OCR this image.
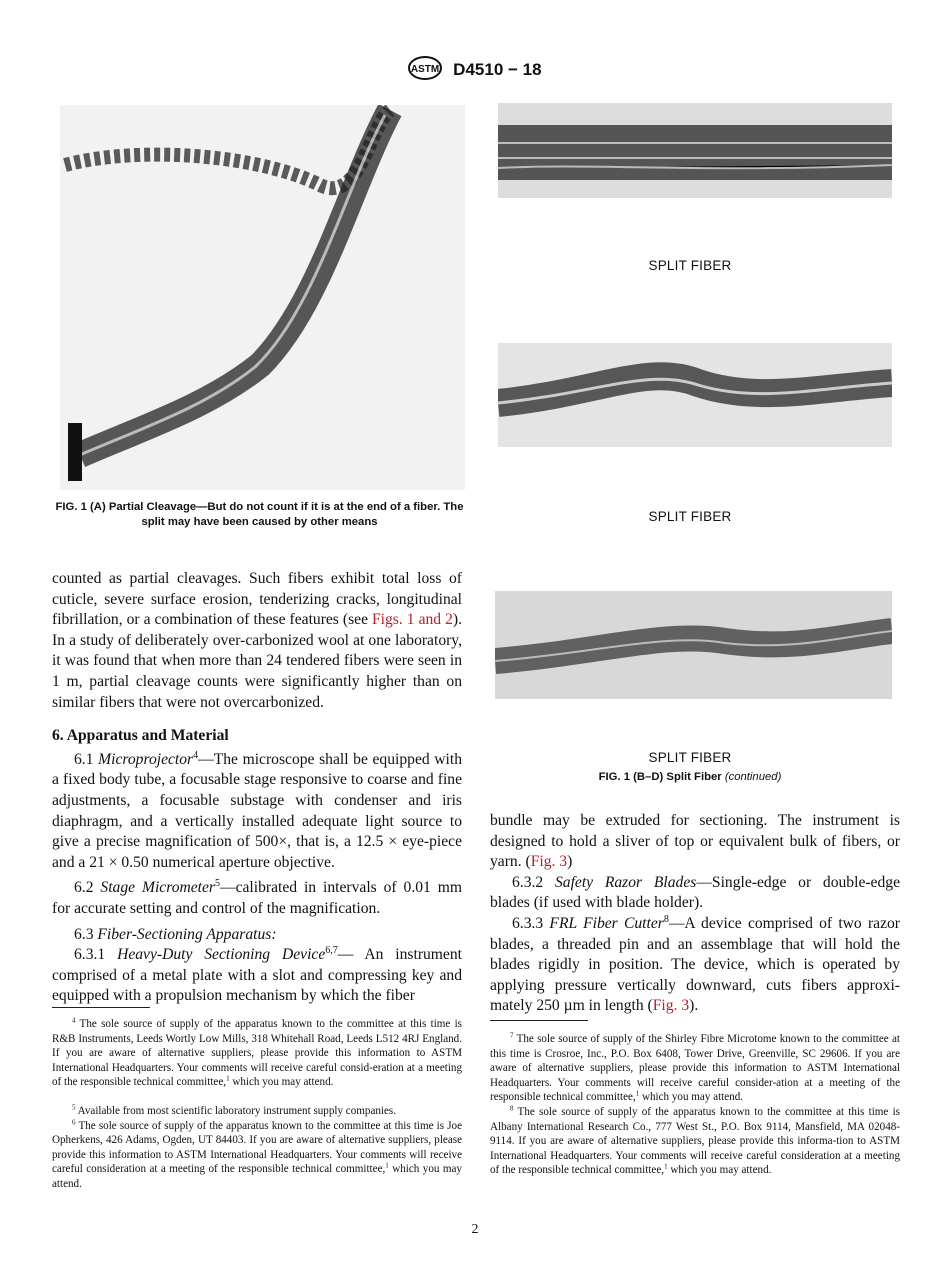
ASTM D4510 − 18
FIG. 1 (A) Partial Cleavage—But do not count if it is at the end of a fiber. The split may have been caused by other means
SPLIT FIBER
SPLIT FIBER
SPLIT FIBER
FIG. 1 (B–D) Split Fiber (continued)

counted as partial cleavages. Such fibers exhibit total loss of cuticle, severe surface erosion, tenderizing cracks, longitudinal fibrillation, or a combination of these features (see Figs. 1 and 2). In a study of deliberately over-carbonized wool at one laboratory, it was found that when more than 24 tendered fibers were seen in 1 m, partial cleavage counts were significantly higher than on similar fibers that were not overcarbonized.

6. Apparatus and Material

6.1 Microprojector$^4$—The microscope shall be equipped with a fixed body tube, a focusable stage responsive to coarse and fine adjustments, a focusable substage with condenser and iris diaphragm, and a vertically installed adequate light source to give a precise magnification of 500×, that is, a 12.5 × eye-piece and a 21 × 0.50 numerical aperture objective.

6.2 Stage Micrometer$^5$—calibrated in intervals of 0.01 mm for accurate setting and control of the magnification.

6.3 Fiber-Sectioning Apparatus:

6.3.1 Heavy-Duty Sectioning Device$^{6,7}$— An instrument comprised of a metal plate with a slot and compressing key and equipped with a propulsion mechanism by which the fiber

bundle may be extruded for sectioning. The instrument is designed to hold a sliver of top or equivalent bulk of fibers, or yarn. (Fig. 3)

6.3.2 Safety Razor Blades—Single-edge or double-edge blades (if used with blade holder).

6.3.3 FRL Fiber Cutter$^8$—A device comprised of two razor blades, a threaded pin and an assemblage that will hold the blades rigidly in position. The device, which is operated by applying pressure vertically downward, cuts fibers approxi-mately 250 µm in length (Fig. 3).

$^4$ The sole source of supply of the apparatus known to the committee at this time is R&B Instruments, Leeds Wortly Low Mills, 318 Whitehall Road, Leeds L512 4RJ England. If you are aware of alternative suppliers, please provide this information to ASTM International Headquarters. Your comments will receive careful consid-eration at a meeting of the responsible technical committee,$^1$ which you may attend.

$^5$ Available from most scientific laboratory instrument supply companies.

$^6$ The sole source of supply of the apparatus known to the committee at this time is Joe Opherkens, 426 Adams, Ogden, UT 84403. If you are aware of alternative suppliers, please provide this information to ASTM International Headquarters. Your comments will receive careful consideration at a meeting of the responsible technical committee,$^1$ which you may attend.

$^7$ The sole source of supply of the Shirley Fibre Microtome known to the committee at this time is Crosroe, Inc., P.O. Box 6408, Tower Drive, Greenville, SC 29606. If you are aware of alternative suppliers, please provide this information to ASTM International Headquarters. Your comments will receive careful consider-ation at a meeting of the responsible technical committee,$^1$ which you may attend.

$^8$ The sole source of supply of the apparatus known to the committee at this time is Albany International Research Co., 777 West St., P.O. Box 9114, Mansfield, MA 02048-9114. If you are aware of alternative suppliers, please provide this informa-tion to ASTM International Headquarters. Your comments will receive careful consideration at a meeting of the responsible technical committee,$^1$ which you may attend.

2
